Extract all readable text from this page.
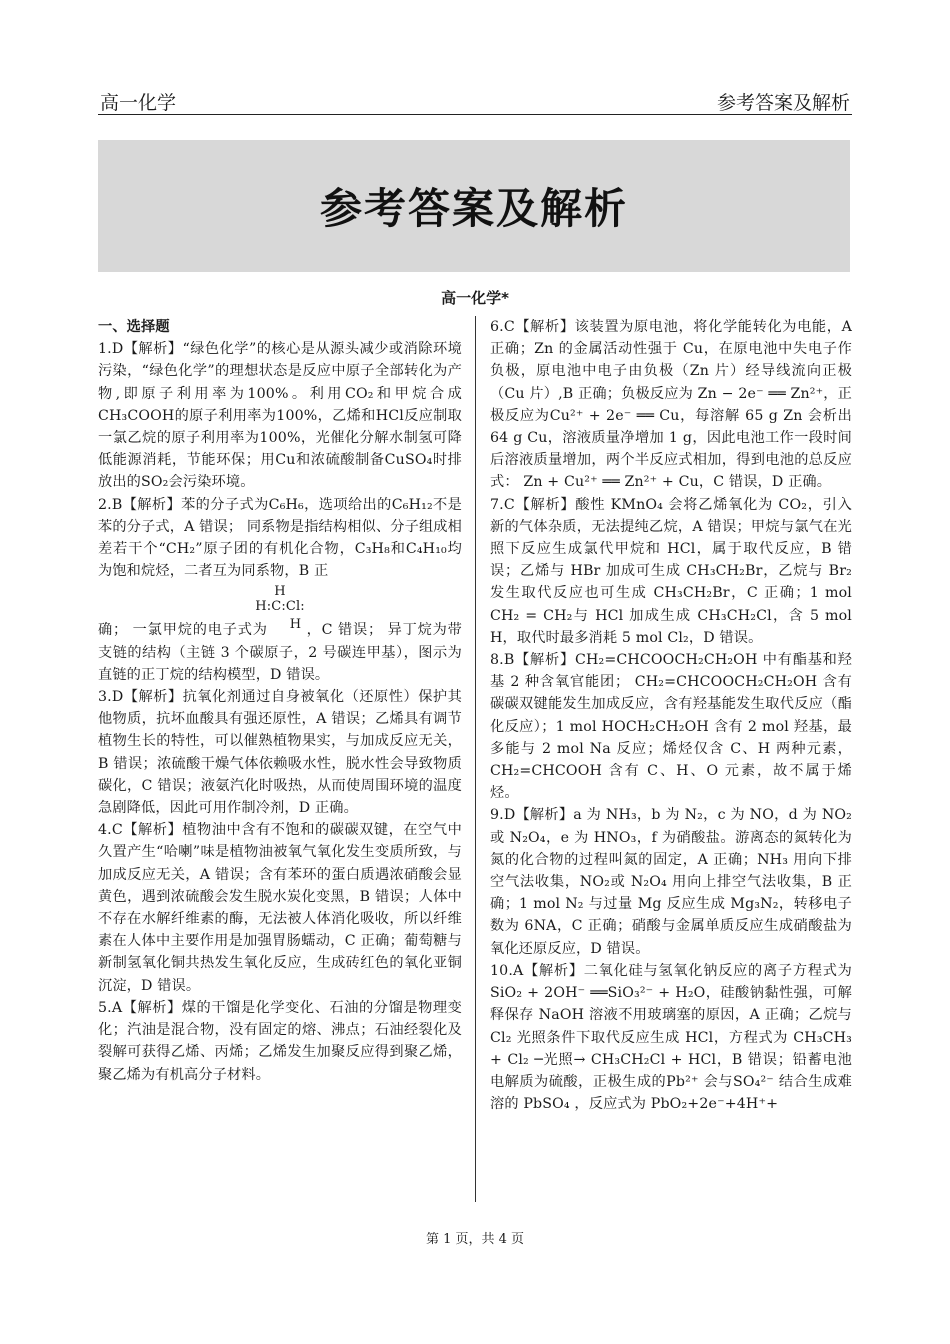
高一化学	参考答案及解析
参考答案及解析
高一化学*
一、选择题

1.D【解析】“绿色化学”的核心是从源头减少或消除环境污染，“绿色化学”的理想状态是反应中原子全部转化为产物,即原子利用率为100%。利用CO₂和甲烷合成CH₃COOH的原子利用率为100%，乙烯和HCl反应制取一氯乙烷的原子利用率为100%，光催化分解水制氢可降低能源消耗，节能环保；用Cu和浓硫酸制备CuSO₄时排放出的SO₂会污染环境。

2.B【解析】苯的分子式为C₆H₆，选项给出的C₆H₁₂不是苯的分子式，A 错误； 同系物是指结构相似、分子组成相差若干个“CH₂”原子团的有机化合物，C₃H₈和C₄H₁₀均为饱和烷烃，二者互为同系物，B 正

H
H:C:Cl:

确； 一氯甲烷的电子式为 H ，C 错误； 异丁烷为带支链的结构（主链 3 个碳原子，2 号碳连甲基），图示为直链的正丁烷的结构模型，D 错误。

3.D【解析】抗氧化剂通过自身被氧化（还原性）保护其他物质，抗坏血酸具有强还原性，A 错误；乙烯具有调节植物生长的特性，可以催熟植物果实，与加成反应无关，B 错误；浓硫酸干燥气体依赖吸水性，脱水性会导致物质碳化，C 错误；液氨汽化时吸热，从而使周围环境的温度急剧降低，因此可用作制冷剂，D 正确。

4.C【解析】植物油中含有不饱和的碳碳双键，在空气中久置产生“哈喇”味是植物油被氧气氧化发生变质所致，与加成反应无关，A 错误；含有苯环的蛋白质遇浓硝酸会显黄色，遇到浓硫酸会发生脱水炭化变黑，B 错误；人体中不存在水解纤维素的酶，无法被人体消化吸收，所以纤维素在人体中主要作用是加强胃肠蠕动，C 正确；葡萄糖与新制氢氧化铜共热发生氧化反应，生成砖红色的氧化亚铜沉淀，D 错误。

5.A【解析】煤的干馏是化学变化、石油的分馏是物理变化；汽油是混合物，没有固定的熔、沸点；石油经裂化及裂解可获得乙烯、丙烯；乙烯发生加聚反应得到聚乙烯，聚乙烯为有机高分子材料。

6.C【解析】该装置为原电池，将化学能转化为电能，A 正确；Zn 的金属活动性强于 Cu，在原电池中失电子作负极，原电池中电子由负极（Zn 片）经导线流向正极（Cu 片）,B 正确；负极反应为 Zn − 2e⁻ ══ Zn²⁺，正极反应为Cu²⁺ + 2e⁻ ══ Cu，每溶解 65 g Zn 会析出 64 g Cu，溶液质量净增加 1 g，因此电池工作一段时间后溶液质量增加，两个半反应式相加，得到电池的总反应式： Zn + Cu²⁺ ══ Zn²⁺ + Cu，C 错误，D 正确。

7.C【解析】酸性 KMnO₄ 会将乙烯氧化为 CO₂，引入新的气体杂质，无法提纯乙烷，A 错误；甲烷与氯气在光照下反应生成氯代甲烷和 HCl，属于取代反应，B 错误；乙烯与 HBr 加成可生成 CH₃CH₂Br，乙烷与 Br₂发生取代反应也可生成 CH₃CH₂Br，C 正确；1 mol CH₂ = CH₂与 HCl 加成生成 CH₃CH₂Cl，含 5 mol H，取代时最多消耗 5 mol Cl₂，D 错误。

8.B【解析】CH₂=CHCOOCH₂CH₂OH 中有酯基和羟基 2 种含氧官能团； CH₂=CHCOOCH₂CH₂OH 含有碳碳双键能发生加成反应，含有羟基能发生取代反应（酯化反应）；1 mol HOCH₂CH₂OH 含有 2 mol 羟基，最多能与 2 mol Na 反应；烯烃仅含 C、H 两种元素，CH₂=CHCOOH 含有 C、H、O 元素，故不属于烯烃。

9.D【解析】a 为 NH₃，b 为 N₂，c 为 NO，d 为 NO₂ 或 N₂O₄，e 为 HNO₃，f 为硝酸盐。游离态的氮转化为氮的化合物的过程叫氮的固定，A 正确；NH₃ 用向下排空气法收集，NO₂或 N₂O₄ 用向上排空气法收集，B 正确；1 mol N₂ 与过量 Mg 反应生成 Mg₃N₂，转移电子数为 6NA，C 正确；硝酸与金属单质反应生成硝酸盐为氧化还原反应，D 错误。

10.A【解析】二氧化硅与氢氧化钠反应的离子方程式为SiO₂ + 2OH⁻ ══SiO₃²⁻ + H₂O，硅酸钠黏性强，可解释保存 NaOH 溶液不用玻璃塞的原因，A 正确；乙烷与 Cl₂ 光照条件下取代反应生成 HCl，方程式为 CH₃CH₃ + Cl₂ ─光照→ CH₃CH₂Cl + HCl，B 错误；铅蓄电池电解质为硫酸，正极生成的Pb²⁺ 会与SO₄²⁻ 结合生成难溶的 PbSO₄ ，反应式为 PbO₂+2e⁻+4H⁺+

第 1 页，共 4 页
